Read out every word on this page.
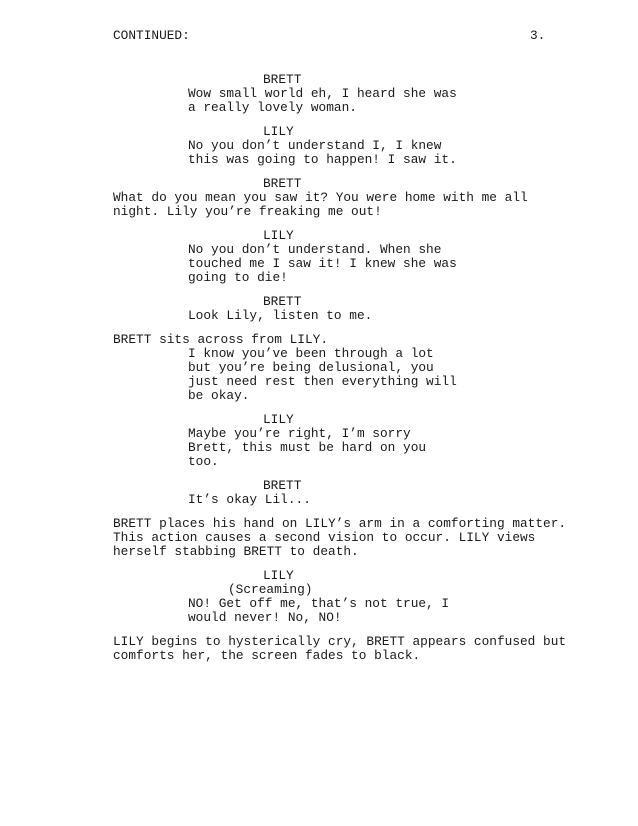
CONTINUED:	3.
BRETT
Wow small world eh, I heard she was
a really lovely woman.
LILY
No you don’t understand I, I knew
this was going to happen! I saw it.
BRETT
What do you mean you saw it? You were home with me all
night. Lily you’re freaking me out!
LILY
No you don’t understand. When she
touched me I saw it! I knew she was
going to die!
BRETT
Look Lily, listen to me.
BRETT sits across from LILY.
I know you’ve been through a lot
but you’re being delusional, you
just need rest then everything will
be okay.
LILY
Maybe you’re right, I’m sorry
Brett, this must be hard on you
too.
BRETT
It’s okay Lil...
BRETT places his hand on LILY’s arm in a comforting matter.
This action causes a second vision to occur. LILY views
herself stabbing BRETT to death.
LILY
(Screaming)
NO! Get off me, that’s not true, I
would never! No, NO!
LILY begins to hysterically cry, BRETT appears confused but
comforts her, the screen fades to black.
